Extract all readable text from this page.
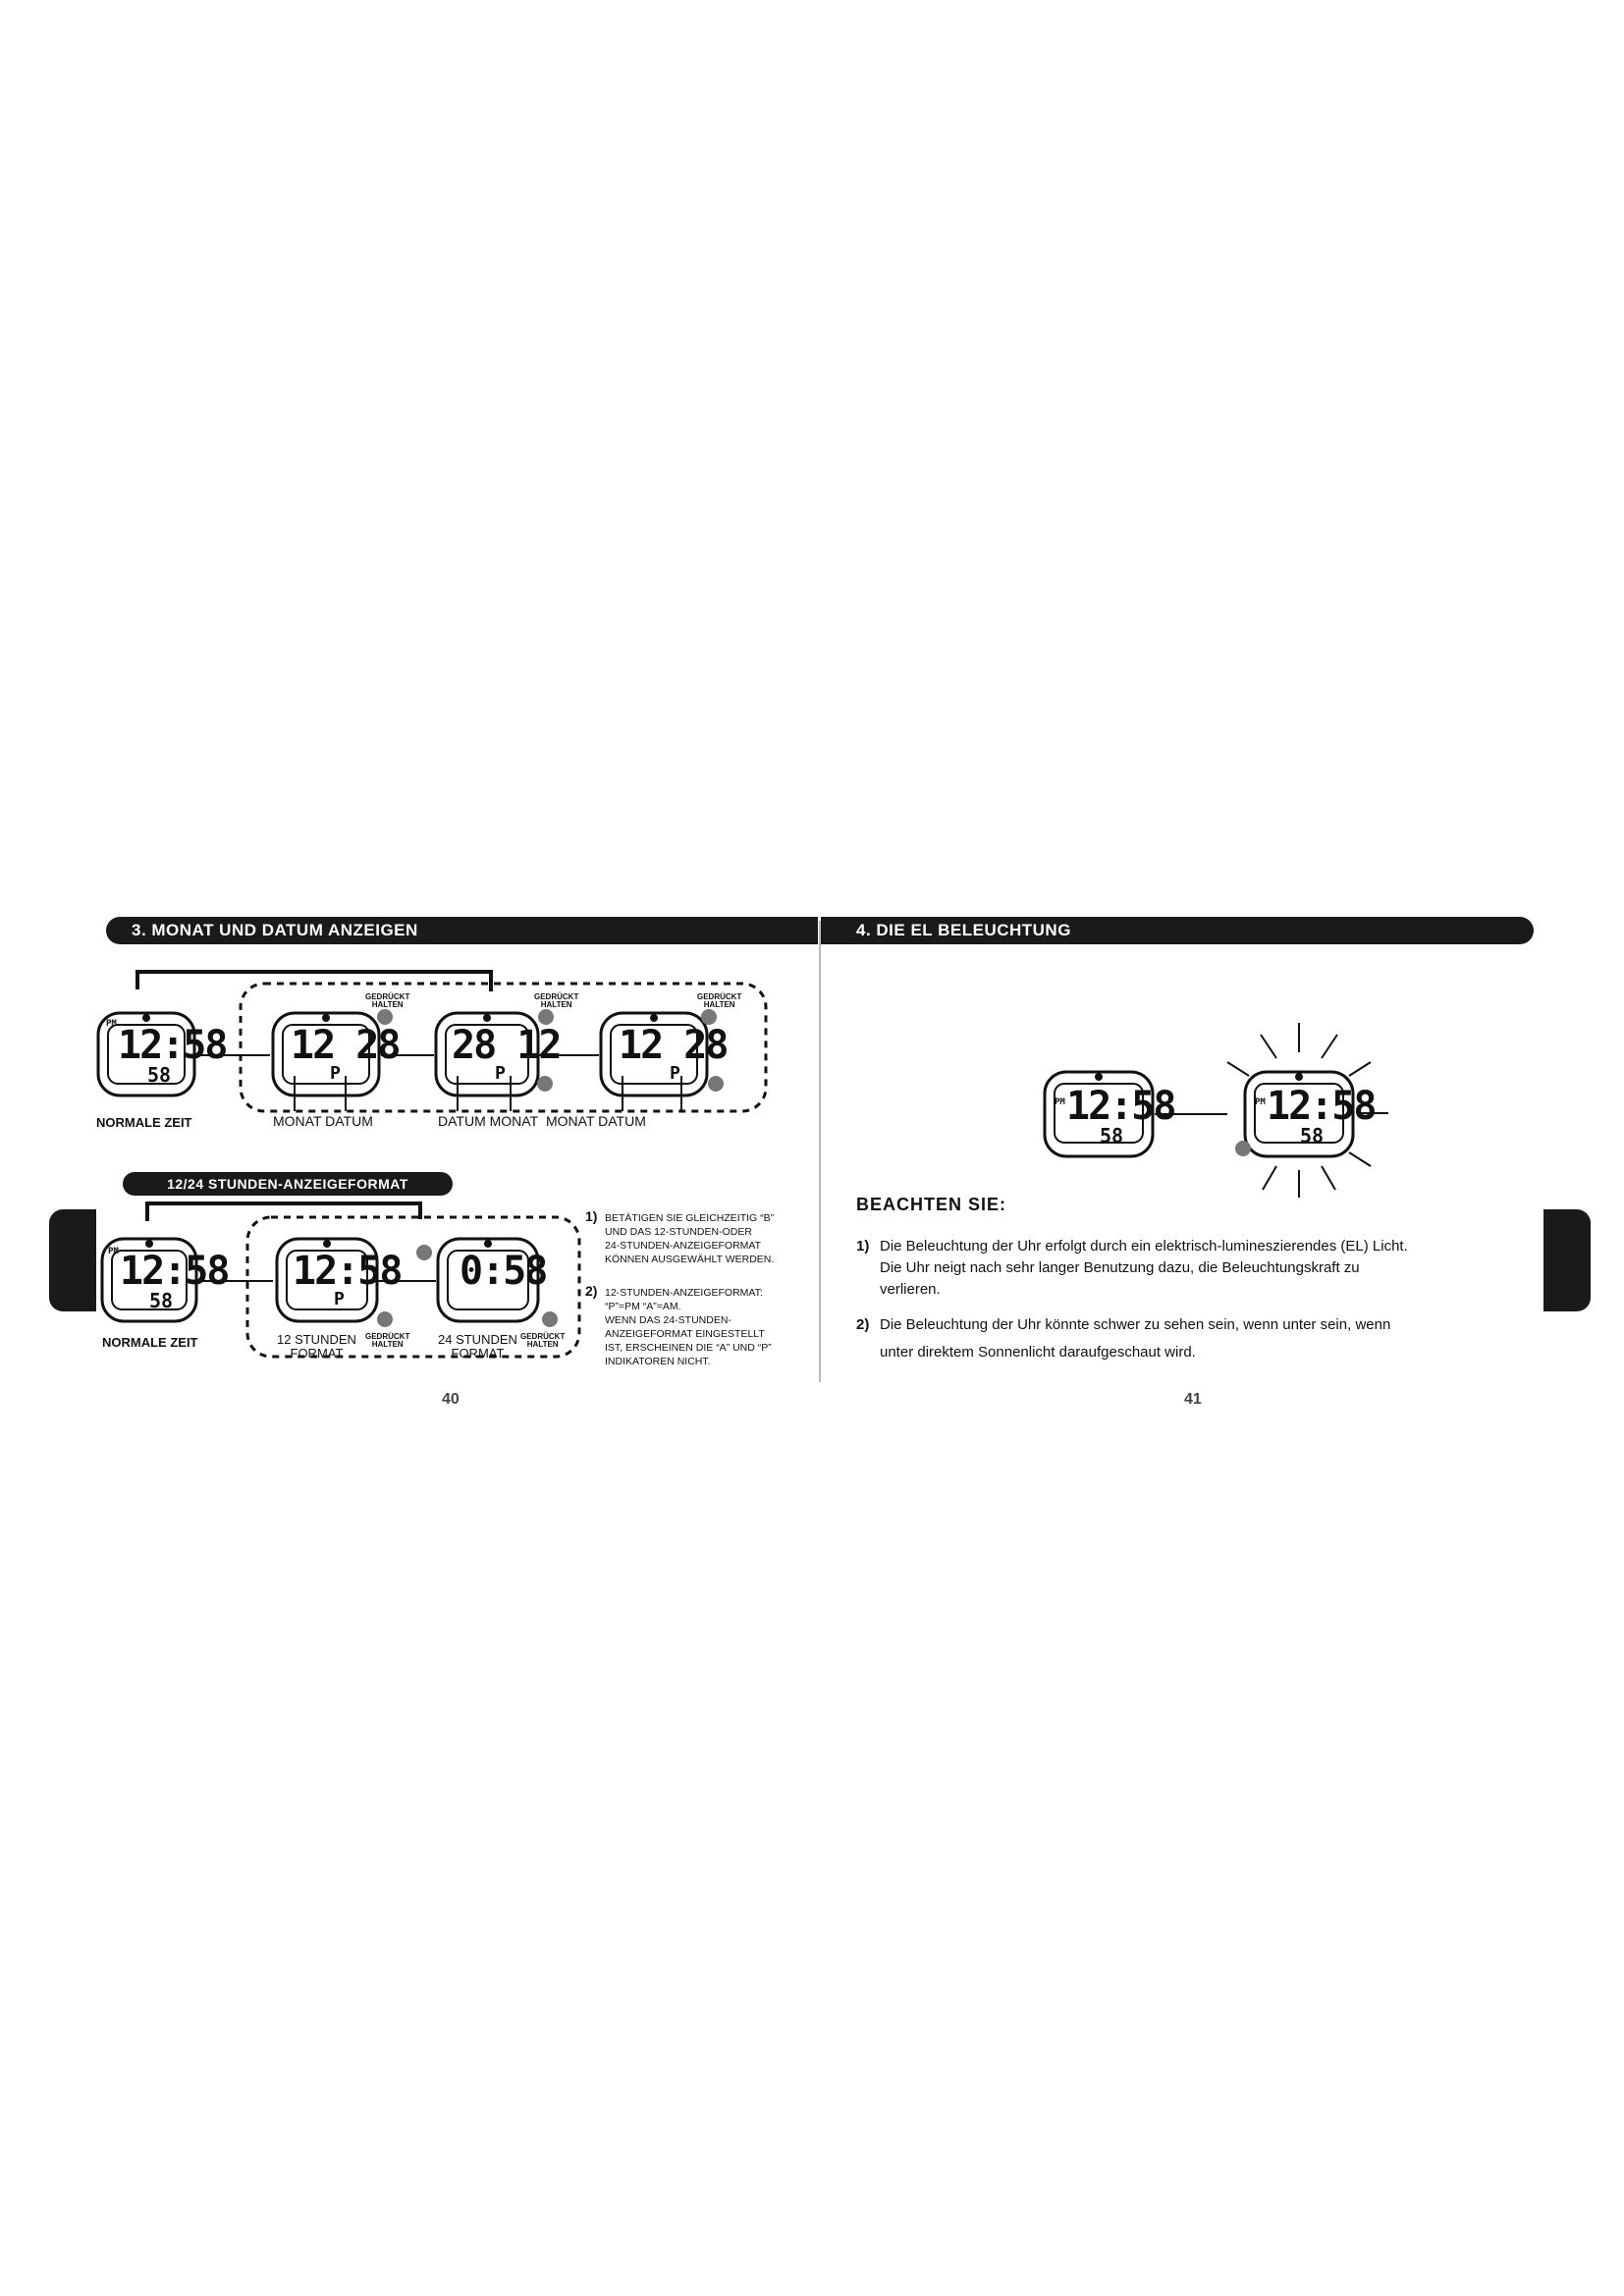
3. MONAT UND DATUM ANZEIGEN	4. DIE EL BELEUCHTUNG
PM 12:58
58
12 28
P
28 12
P
12 28
P
GEDRÜCKT
HALTEN
GEDRÜCKT
HALTEN
GEDRÜCKT
HALTEN
NORMALE ZEIT	MONAT DATUM	DATUM MONAT MONAT DATUM
12/24 STUNDEN-ANZEIGEFORMAT
PM 12:58
58
12:58
P
0:58
NORMALE ZEIT	12 STUNDEN
FORMAT
GEDRÜCKT
HALTEN	24 STUNDEN
FORMAT
GEDRÜCKT
HALTEN
1) BETÄTIGEN SIE GLEICHZEITIG “B”
UND DAS 12-STUNDEN-ODER
24-STUNDEN-ANZEIGEFORMAT
KÖNNEN AUSGEWÄHLT WERDEN.
2) 12-STUNDEN-ANZEIGEFORMAT:
“P”=PM “A”=AM.
WENN DAS 24-STUNDEN-
ANZEIGEFORMAT EINGESTELLT
IST, ERSCHEINEN DIE “A” UND “P”
INDIKATOREN NICHT.
40
PM 12:58
58
PM 12:58
58
BEACHTEN SIE:
1) Die Beleuchtung der Uhr erfolgt durch ein elektrisch-lumineszierendes (EL) Licht.
Die Uhr neigt nach sehr langer Benutzung dazu, die Beleuchtungskraft zu
verlieren.
2) Die Beleuchtung der Uhr könnte schwer zu sehen sein, wenn unter sein, wenn
unter direktem Sonnenlicht daraufgeschaut wird.
41
